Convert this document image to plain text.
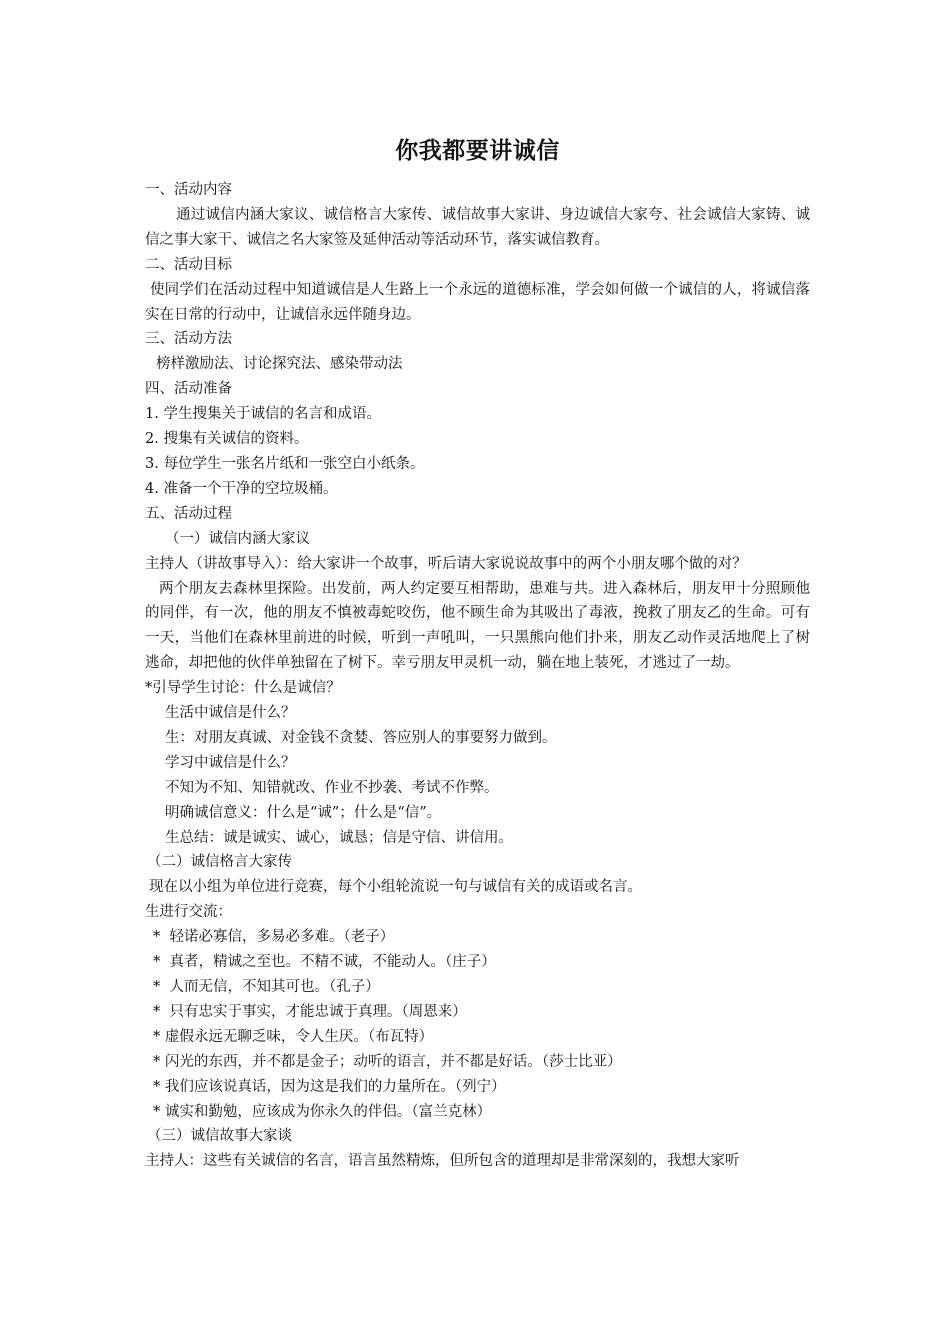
你我都要讲诚信
一、活动内容
通过诚信内涵大家议、诚信格言大家传、诚信故事大家讲、身边诚信大家夸、社会诚信大家铸、诚信之事大家干、诚信之名大家签及延伸活动等活动环节，落实诚信教育。
二、活动目标
使同学们在活动过程中知道诚信是人生路上一个永远的道德标准，学会如何做一个诚信的人，将诚信落实在日常的行动中，让诚信永远伴随身边。
三、活动方法
榜样激励法、讨论探究法、感染带动法
四、活动准备
1. 学生搜集关于诚信的名言和成语。
2. 搜集有关诚信的资料。
3. 每位学生一张名片纸和一张空白小纸条。
4. 准备一个干净的空垃圾桶。
五、活动过程
（一）诚信内涵大家议
主持人（讲故事导入）：给大家讲一个故事，听后请大家说说故事中的两个小朋友哪个做的对？
两个朋友去森林里探险。出发前，两人约定要互相帮助，患难与共。进入森林后，朋友甲十分照顾他的同伴，有一次，他的朋友不慎被毒蛇咬伤，他不顾生命为其吸出了毒液，挽救了朋友乙的生命。可有一天，当他们在森林里前进的时候，听到一声吼叫，一只黑熊向他们扑来，朋友乙动作灵活地爬上了树逃命，却把他的伙伴单独留在了树下。幸亏朋友甲灵机一动，躺在地上装死，才逃过了一劫。
*引导学生讨论：什么是诚信？
生活中诚信是什么？
生：对朋友真诚、对金钱不贪婪、答应别人的事要努力做到。
学习中诚信是什么？
不知为不知、知错就改、作业不抄袭、考试不作弊。
明确诚信意义：什么是“诚”；什么是“信”。
生总结：诚是诚实、诚心，诚恳；信是守信、讲信用。
（二）诚信格言大家传
现在以小组为单位进行竞赛，每个小组轮流说一句与诚信有关的成语或名言。
生进行交流：
*  轻诺必寡信，多易必多难。（老子）
*  真者，精诚之至也。不精不诚，不能动人。（庄子）
*  人而无信，不知其可也。（孔子）
*  只有忠实于事实，才能忠诚于真理。（周恩来）
* 虚假永远无聊乏味，令人生厌。（布瓦特）
* 闪光的东西，并不都是金子；动听的语言，并不都是好话。（莎士比亚）
* 我们应该说真话，因为这是我们的力量所在。（列宁）
* 诚实和勤勉，应该成为你永久的伴侣。（富兰克林）
（三）诚信故事大家谈
主持人：这些有关诚信的名言，语言虽然精炼，但所包含的道理却是非常深刻的，我想大家听
